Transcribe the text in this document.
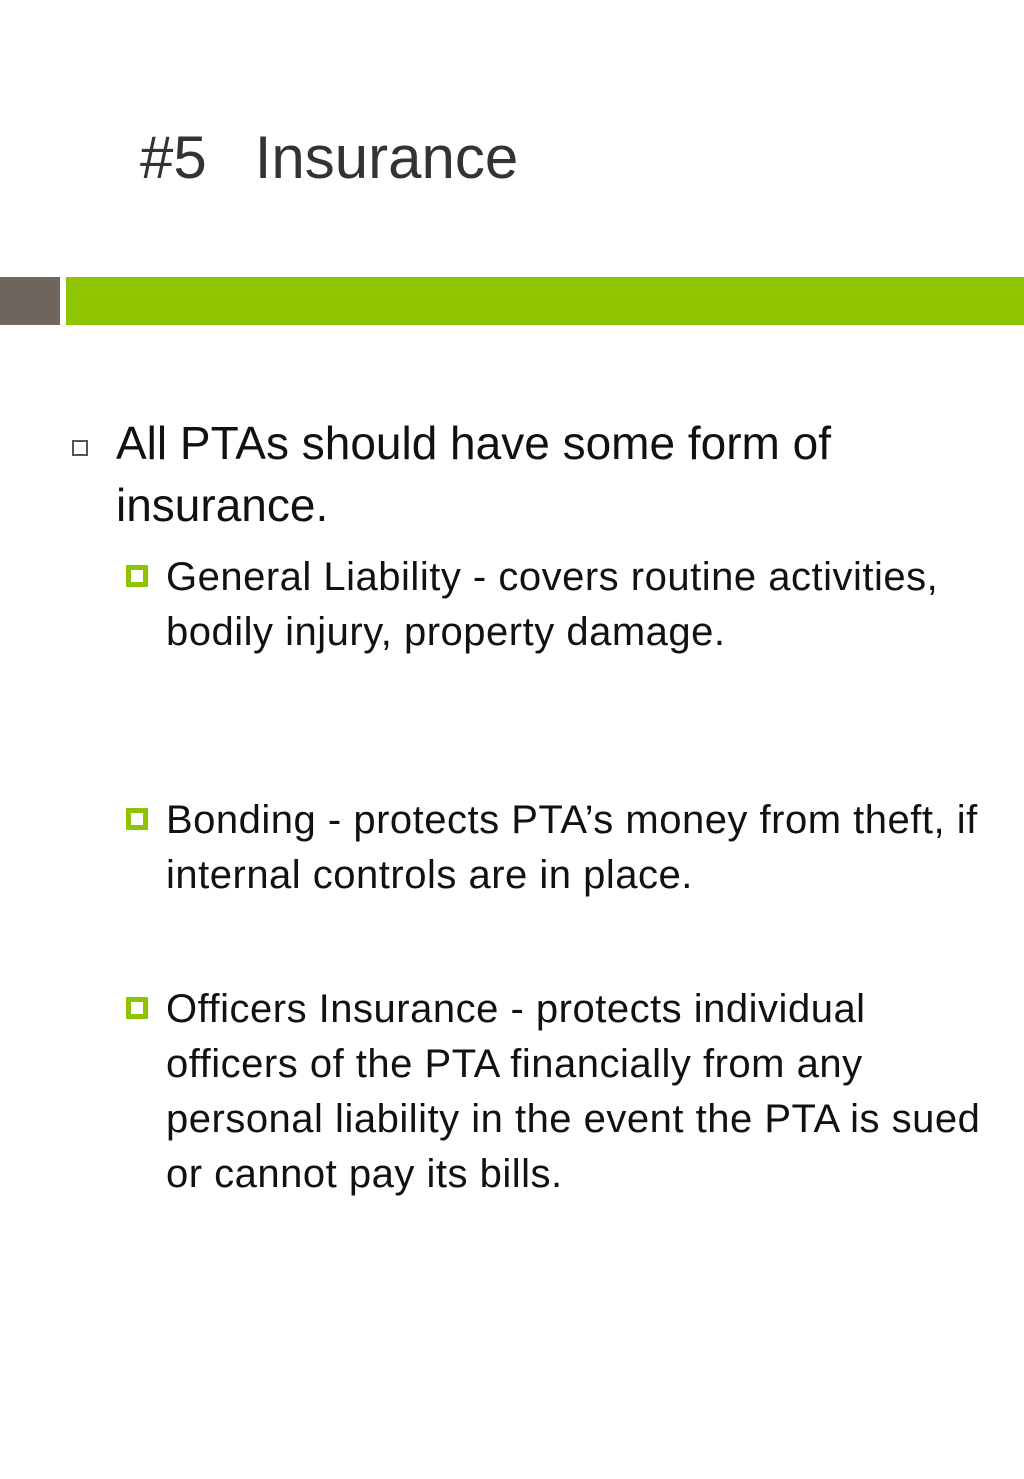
#5 Insurance
All PTAs should have some form of insurance.
General Liability - covers routine activities, bodily injury, property damage.
Bonding - protects PTA’s money from theft, if internal controls are in place.
Officers Insurance - protects individual officers of the PTA financially from any personal liability in the event the PTA is sued or cannot pay its bills.
